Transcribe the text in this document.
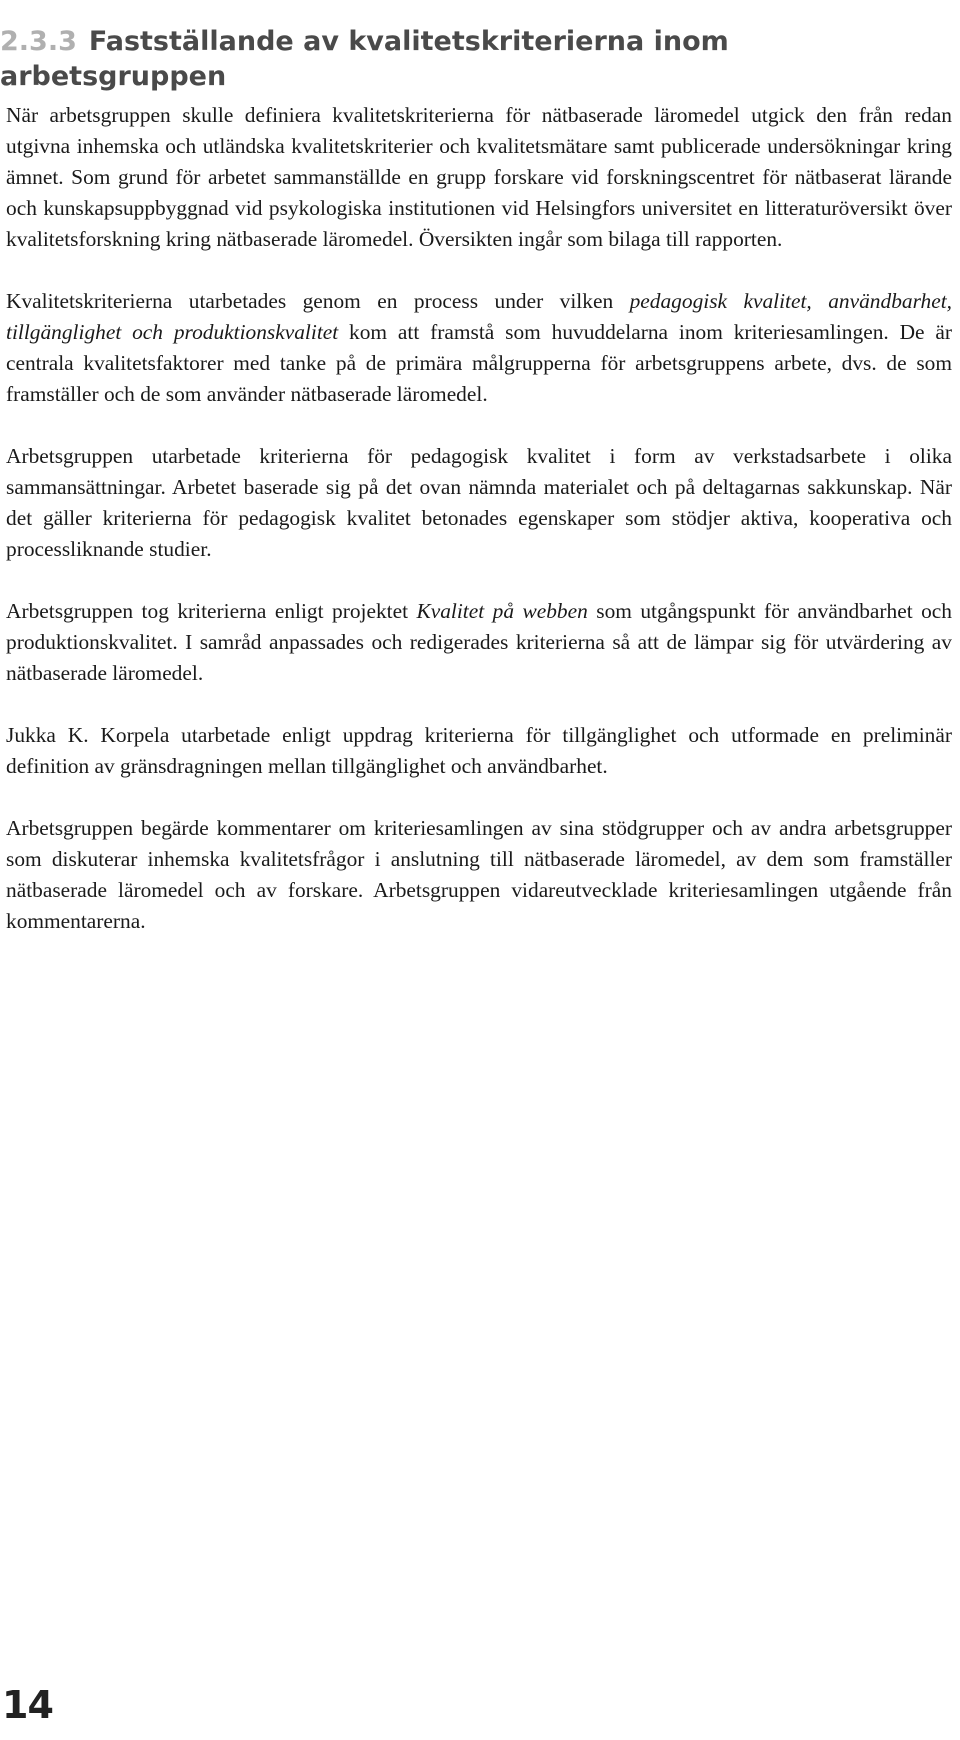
2.3.3 Fastställande av kvalitetskriterierna inom arbetsgruppen

När arbetsgruppen skulle definiera kvalitetskriterierna för nätbaserade läromedel utgick den från redan utgivna inhemska och utländska kvalitetskriterier och kvalitetsmätare samt publicerade undersökningar kring ämnet. Som grund för arbetet sammanställde en grupp forskare vid forskningscentret för nätbaserat lärande och kunskapsuppbyggnad vid psykologiska institutionen vid Helsingfors universitet en litteraturöversikt över kvalitetsforskning kring nätbaserade läromedel. Översikten ingår som bilaga till rapporten.

Kvalitetskriterierna utarbetades genom en process under vilken pedagogisk kvalitet, användbarhet, tillgänglighet och produktionskvalitet kom att framstå som huvuddelarna inom kriteriesamlingen. De är centrala kvalitetsfaktorer med tanke på de primära målgrupperna för arbetsgruppens arbete, dvs. de som framställer och de som använder nätbaserade läromedel.

Arbetsgruppen utarbetade kriterierna för pedagogisk kvalitet i form av verkstadsarbete i olika sammansättningar. Arbetet baserade sig på det ovan nämnda materialet och på deltagarnas sakkunskap. När det gäller kriterierna för pedagogisk kvalitet betonades egenskaper som stödjer aktiva, kooperativa och processliknande studier.

Arbetsgruppen tog kriterierna enligt projektet Kvalitet på webben som utgångspunkt för användbarhet och produktionskvalitet. I samråd anpassades och redigerades kriterierna så att de lämpar sig för utvärdering av nätbaserade läromedel.

Jukka K. Korpela utarbetade enligt uppdrag kriterierna för tillgänglighet och utformade en preliminär definition av gränsdragningen mellan tillgänglighet och användbarhet.

Arbetsgruppen begärde kommentarer om kriteriesamlingen av sina stödgrupper och av andra arbetsgrupper som diskuterar inhemska kvalitetsfrågor i anslutning till nätbaserade läromedel, av dem som framställer nätbaserade läromedel och av forskare. Arbetsgruppen vidareutvecklade kriteriesamlingen utgående från kommentarerna.

14
